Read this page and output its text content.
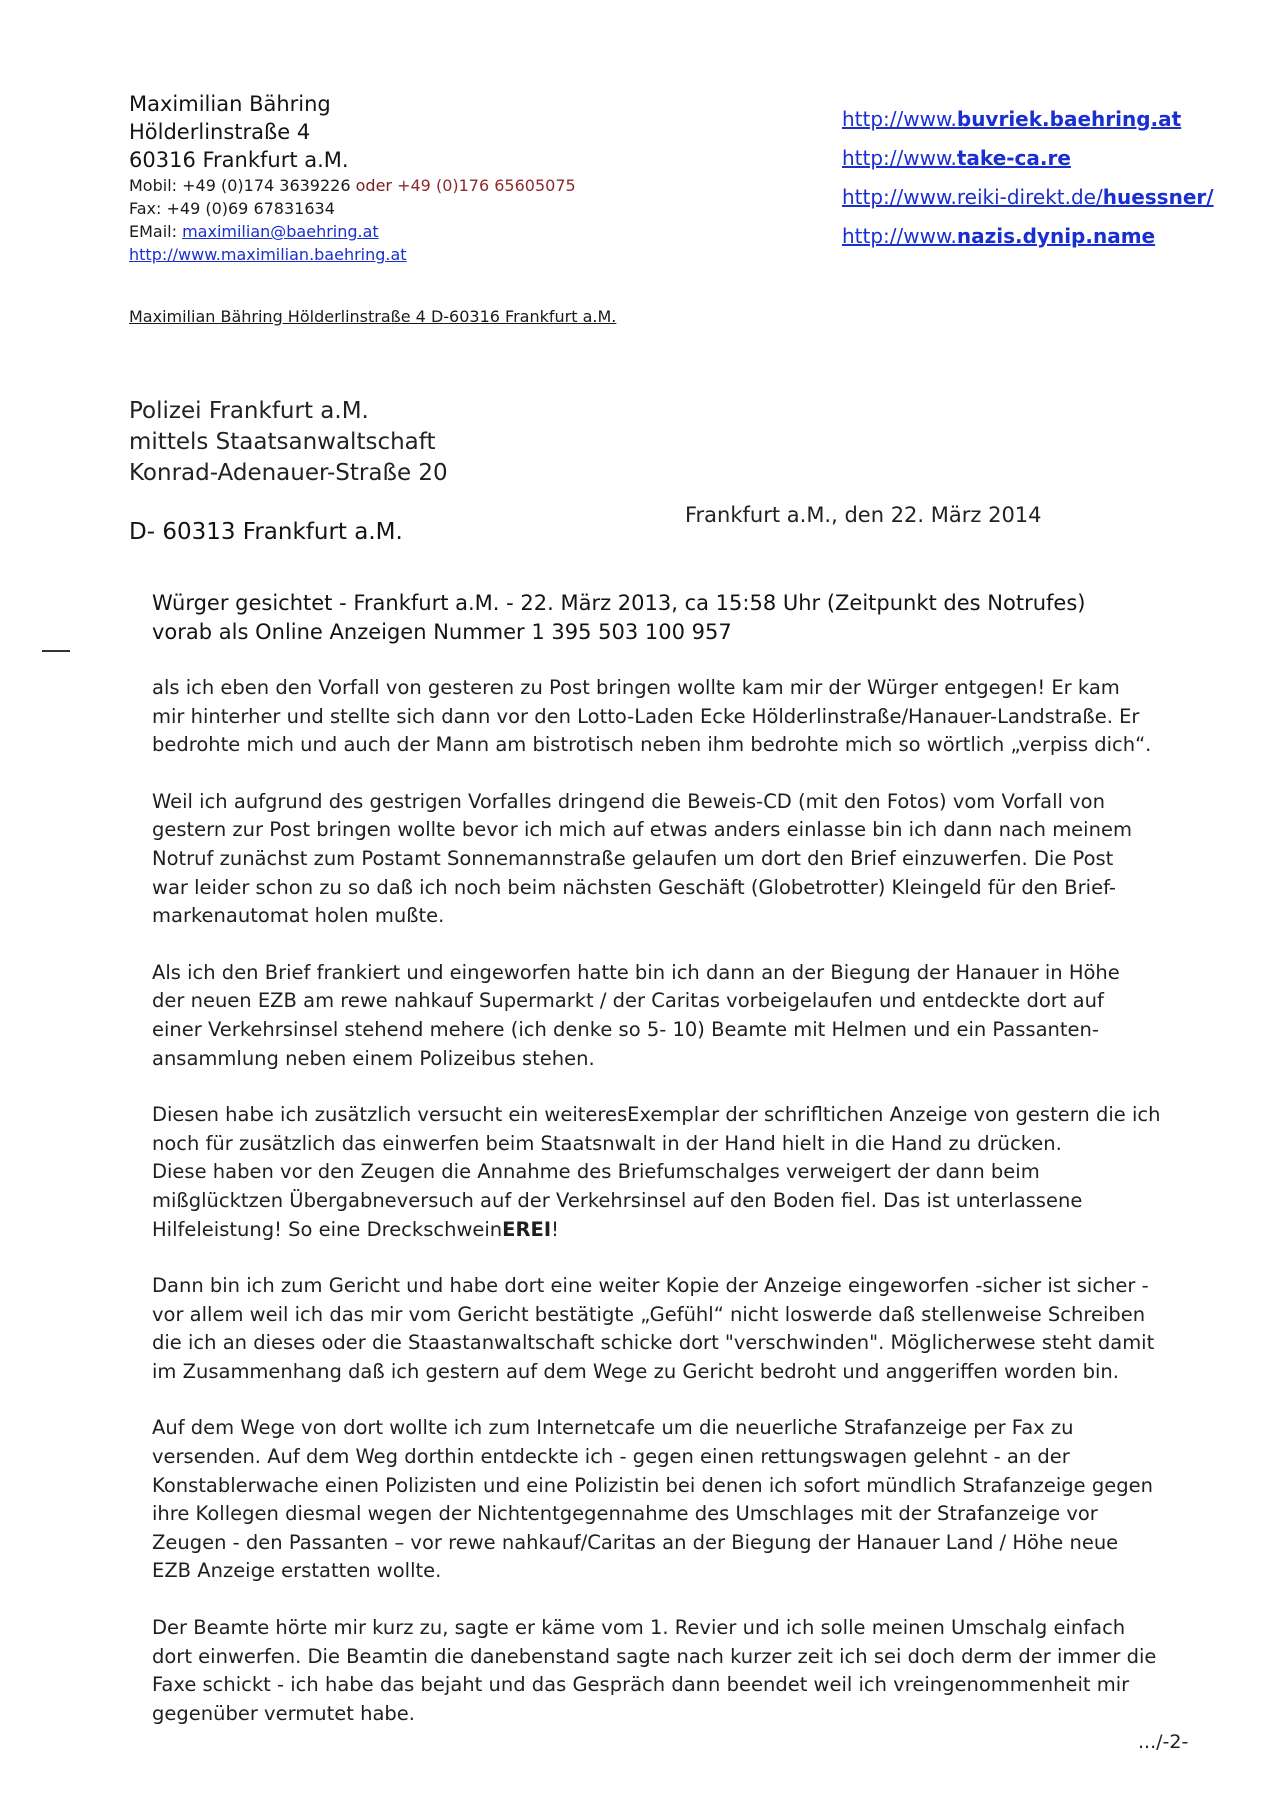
Maximilian Bähring
Hölderlinstraße 4
60316 Frankfurt a.M.
Mobil: +49 (0)174 3639226 oder +49 (0)176 65605075
Fax: +49 (0)69 67831634
EMail: maximilian@baehring.at
http://www.maximilian.baehring.at
http://www.buvriek.baehring.at
http://www.take-ca.re
http://www.reiki-direkt.de/huessner/
http://www.nazis.dynip.name
Maximilian Bähring Hölderlinstraße 4 D-60316 Frankfurt a.M.
Polizei Frankfurt a.M.
mittels Staatsanwaltschaft
Konrad-Adenauer-Straße 20
D- 60313 Frankfurt a.M.
Frankfurt a.M., den 22. März 2014
Würger gesichtet - Frankfurt a.M. - 22. März 2013, ca 15:58 Uhr (Zeitpunkt des Notrufes)
vorab als Online Anzeigen Nummer 1 395 503 100 957
als ich eben den Vorfall von gesteren zu Post bringen wollte kam mir der Würger entgegen! Er kam
mir hinterher und stellte sich dann vor den Lotto-Laden Ecke Hölderlinstraße/Hanauer-Landstraße. Er
bedrohte mich und auch der Mann am bistrotisch neben ihm bedrohte mich so wörtlich „verpiss dich“.
Weil ich aufgrund des gestrigen Vorfalles dringend die Beweis-CD (mit den Fotos) vom Vorfall von
gestern zur Post bringen wollte bevor ich mich auf etwas anders einlasse bin ich dann nach meinem
Notruf zunächst zum Postamt Sonnemannstraße gelaufen um dort den Brief einzuwerfen. Die Post
war leider schon zu so daß ich noch beim nächsten Geschäft (Globetrotter) Kleingeld für den Brief-
markenautomat holen mußte.
Als ich den Brief frankiert und eingeworfen hatte bin ich dann an der Biegung der Hanauer in Höhe
der neuen EZB am rewe nahkauf Supermarkt / der Caritas vorbeigelaufen und entdeckte dort auf
einer Verkehrsinsel stehend mehere (ich denke so 5- 10) Beamte mit Helmen und ein Passanten-
ansammlung neben einem Polizeibus stehen.
Diesen habe ich zusätzlich versucht ein weiteresExemplar der schrifltichen Anzeige von gestern die ich
noch für zusätzlich das einwerfen beim Staatsnwalt in der Hand hielt in die Hand zu drücken.
Diese haben vor den Zeugen die Annahme des Briefumschalges verweigert der dann beim
mißglücktzen Übergabneversuch auf der Verkehrsinsel auf den Boden fiel. Das ist unterlassene
Hilfeleistung! So eine DreckschweinEREI!
Dann bin ich zum Gericht und habe dort eine weiter Kopie der Anzeige eingeworfen -sicher ist sicher -
vor allem weil ich das mir vom Gericht bestätigte „Gefühl“ nicht loswerde daß stellenweise Schreiben
die ich an dieses oder die Staastanwaltschaft schicke dort "verschwinden". Möglicherwese steht damit
im Zusammenhang daß ich gestern auf dem Wege zu Gericht bedroht und anggeriffen worden bin.
Auf dem Wege von dort wollte ich zum Internetcafe um die neuerliche Strafanzeige per Fax zu
versenden. Auf dem Weg dorthin entdeckte ich - gegen einen rettungswagen gelehnt - an der
Konstablerwache einen Polizisten und eine Polizistin bei denen ich sofort mündlich Strafanzeige gegen
ihre Kollegen diesmal wegen der Nichtentgegennahme des Umschlages mit der Strafanzeige vor
Zeugen - den Passanten – vor rewe nahkauf/Caritas an der Biegung der Hanauer Land / Höhe neue
EZB Anzeige erstatten wollte.
Der Beamte hörte mir kurz zu, sagte er käme vom 1. Revier und ich solle meinen Umschalg einfach
dort einwerfen. Die Beamtin die danebenstand sagte nach kurzer zeit ich sei doch derm der immer die
Faxe schickt - ich habe das bejaht und das Gespräch dann beendet weil ich vreingenommenheit mir
gegenüber vermutet habe.
.../-2-
